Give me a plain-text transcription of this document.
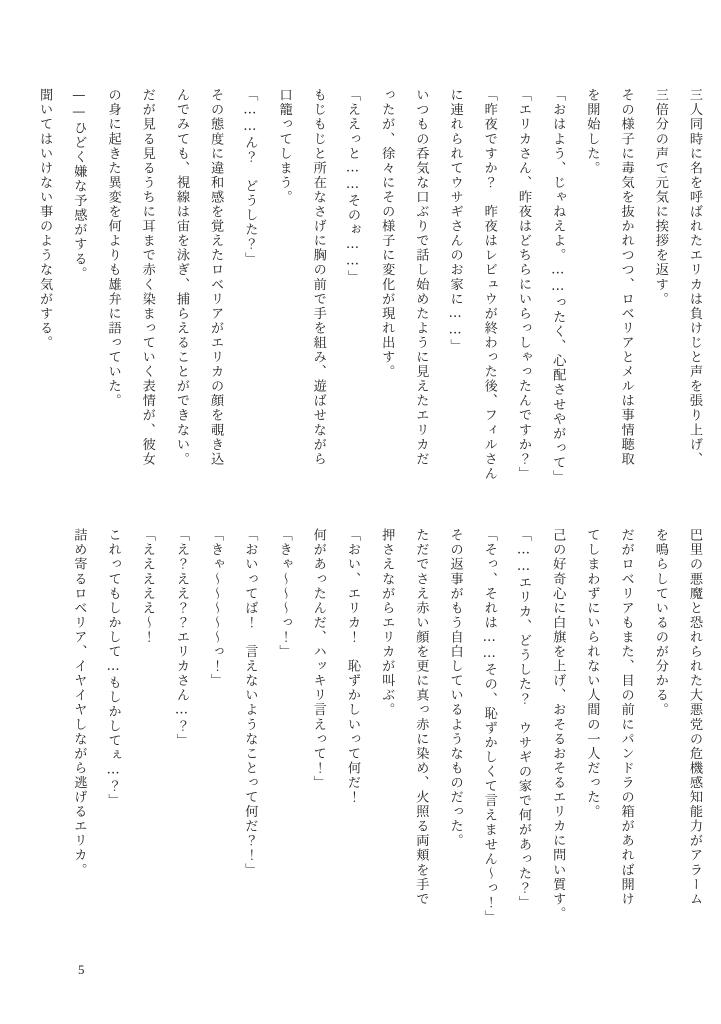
三人同時に名を呼ばれたエリカは負けじと声を張り上げ、

三倍分の声で元気に挨拶を返す。

その様子に毒気を抜かれつつ、ロベリアとメルは事情聴取

を開始した。

「おはよう、じゃねえよ。……ったく、心配させやがって」

「エリカさん、昨夜はどちらにいらっしゃったんですか？」

「昨夜ですか？　昨夜はレビュウが終わった後、フィルさん

に連れられてウサギさんのお家に……」

いつもの呑気な口ぶりで話し始めたように見えたエリカだ

ったが、徐々にその様子に変化が現れ出す。

「ええっと……そのぉ……」

もじもじと所在なさげに胸の前で手を組み、遊ばせながら

口籠ってしまう。

「……ん？　どうした？」

その態度に違和感を覚えたロベリアがエリカの顔を覗き込

んでみても、視線は宙を泳ぎ、捕らえることができない。

だが見る見るうちに耳まで赤く染まっていく表情が、彼女

の身に起きた異変を何よりも雄弁に語っていた。

——ひどく嫌な予感がする。

聞いてはいけない事のような気がする。

巴里の悪魔と恐れられた大悪党の危機感知能力がアラーム

を鳴らしているのが分かる。

だがロベリアもまた、目の前にパンドラの箱があれば開け

てしまわずにいられない人間の一人だった。

己の好奇心に白旗を上げ、おそるおそるエリカに問い質す。

「……エリカ、どうした？　ウサギの家で何があった？」

「そっ、それは……その、恥ずかしくて言えません〜っ！」

その返事がもう自白しているようなものだった。

ただでさえ赤い顔を更に真っ赤に染め、火照る両頬を手で

押さえながらエリカが叫ぶ。

「おい、エリカ！　恥ずかしいって何だ！

何があったんだ、ハッキリ言えって！」

「きゃ〜〜〜っ！」

「おいってば！　言えないようなことって何だ？！」

「きゃ〜〜〜〜〜っ！」

「え？ええ？？エリカさん…？」

「えええええ〜！

これってもしかして…もしかしてぇ…？」

詰め寄るロベリア、イヤイヤしながら逃げるエリカ。

5
